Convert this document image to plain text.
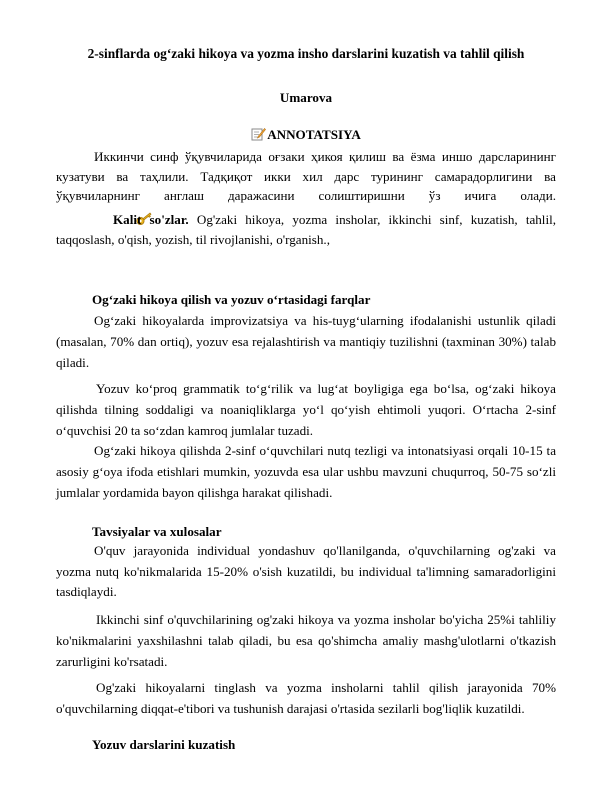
2-sinflarda og‘zaki hikoya va yozma insho darslarini kuzatish va tahlil qilish
Umarova
ANNOTATSIYA
Иккинчи синф ўқувчиларида оғзаки ҳикоя қилиш ва ёзма иншо дарсларининг кузатуви ва таҳлили. Тадқиқот икки хил дарс турининг самарадорлигини ва ўқувчиларнинг англаш даражасини солиштиришни ўз ичига олади.
Kalit so'zlar. Og'zaki hikoya, yozma insholar, ikkinchi sinf, kuzatish, tahlil, taqqoslash, o'qish, yozish, til rivojlanishi, o'rganish.,
Og‘zaki hikoya qilish va yozuv o‘rtasidagi farqlar
Og‘zaki hikoyalarda improvizatsiya va his-tuyg‘ularning ifodalanishi ustunlik qiladi (masalan, 70% dan ortiq), yozuv esa rejalashtirish va mantiqiy tuzilishni (taxminan 30%) talab qiladi.
Yozuv ko‘proq grammatik to‘g‘rilik va lug‘at boyligiga ega bo‘lsa, og‘zaki hikoya qilishda tilning soddaligi va noaniqliklarga yo‘l qo‘yish ehtimoli yuqori. O‘rtacha 2-sinf o‘quvchisi 20 ta so‘zdan kamroq jumlalar tuzadi.
Og‘zaki hikoya qilishda 2-sinf o‘quvchilari nutq tezligi va intonatsiyasi orqali 10-15 ta asosiy g‘oya ifoda etishlari mumkin, yozuvda esa ular ushbu mavzuni chuqurroq, 50-75 so‘zli jumlalar yordamida bayon qilishga harakat qilishadi.
Tavsiyalar va xulosalar
O'quv jarayonida individual yondashuv qo'llanilganda, o'quvchilarning og'zaki va yozma nutq ko'nikmalarida 15-20% o'sish kuzatildi, bu individual ta'limning samaradorligini tasdiqlaydi.
Ikkinchi sinf o'quvchilarining og'zaki hikoya va yozma insholar bo'yicha 25%i tahliliy ko'nikmalarini yaxshilashni talab qiladi, bu esa qo'shimcha amaliy mashg'ulotlarni o'tkazish zarurligini ko'rsatadi.
Og'zaki hikoyalarni tinglash va yozma insholarni tahlil qilish jarayonida 70% o'quvchilarning diqqat-e'tibori va tushunish darajasi o'rtasida sezilarli bog'liqlik kuzatildi.
Yozuv darslarini kuzatish
